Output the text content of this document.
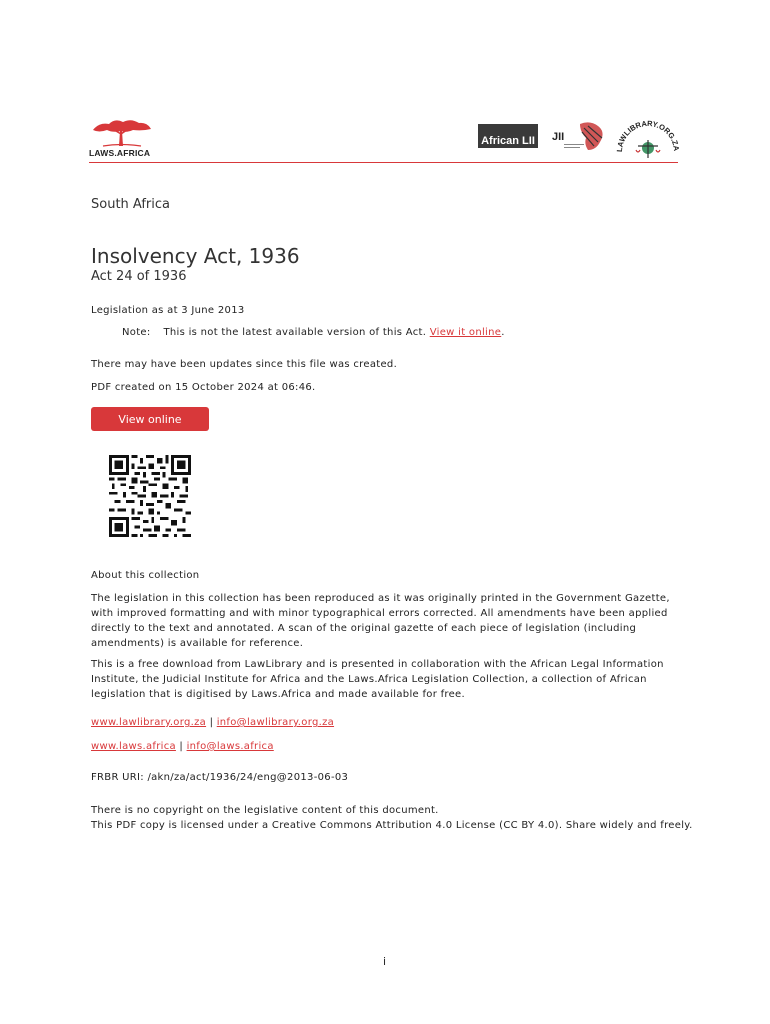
LAWS.AFRICA
African LII JII
LAWLIBRARY.ORG.ZA
South Africa
Insolvency Act, 1936
Act 24 of 1936
Legislation as at 3 June 2013
Note: This is not the latest available version of this Act. View it online.
There may have been updates since this file was created.
PDF created on 15 October 2024 at 06:46.
View online
About this collection
The legislation in this collection has been reproduced as it was originally printed in the Government Gazette, with improved formatting and with minor typographical errors corrected. All amendments have been applied directly to the text and annotated. A scan of the original gazette of each piece of legislation (including amendments) is available for reference.
This is a free download from LawLibrary and is presented in collaboration with the African Legal Information Institute, the Judicial Institute for Africa and the Laws.Africa Legislation Collection, a collection of African legislation that is digitised by Laws.Africa and made available for free.
www.lawlibrary.org.za | info@lawlibrary.org.za
www.laws.africa | info@laws.africa
FRBR URI: /akn/za/act/1936/24/eng@2013-06-03
There is no copyright on the legislative content of this document.
This PDF copy is licensed under a Creative Commons Attribution 4.0 License (CC BY 4.0). Share widely and freely.
i
